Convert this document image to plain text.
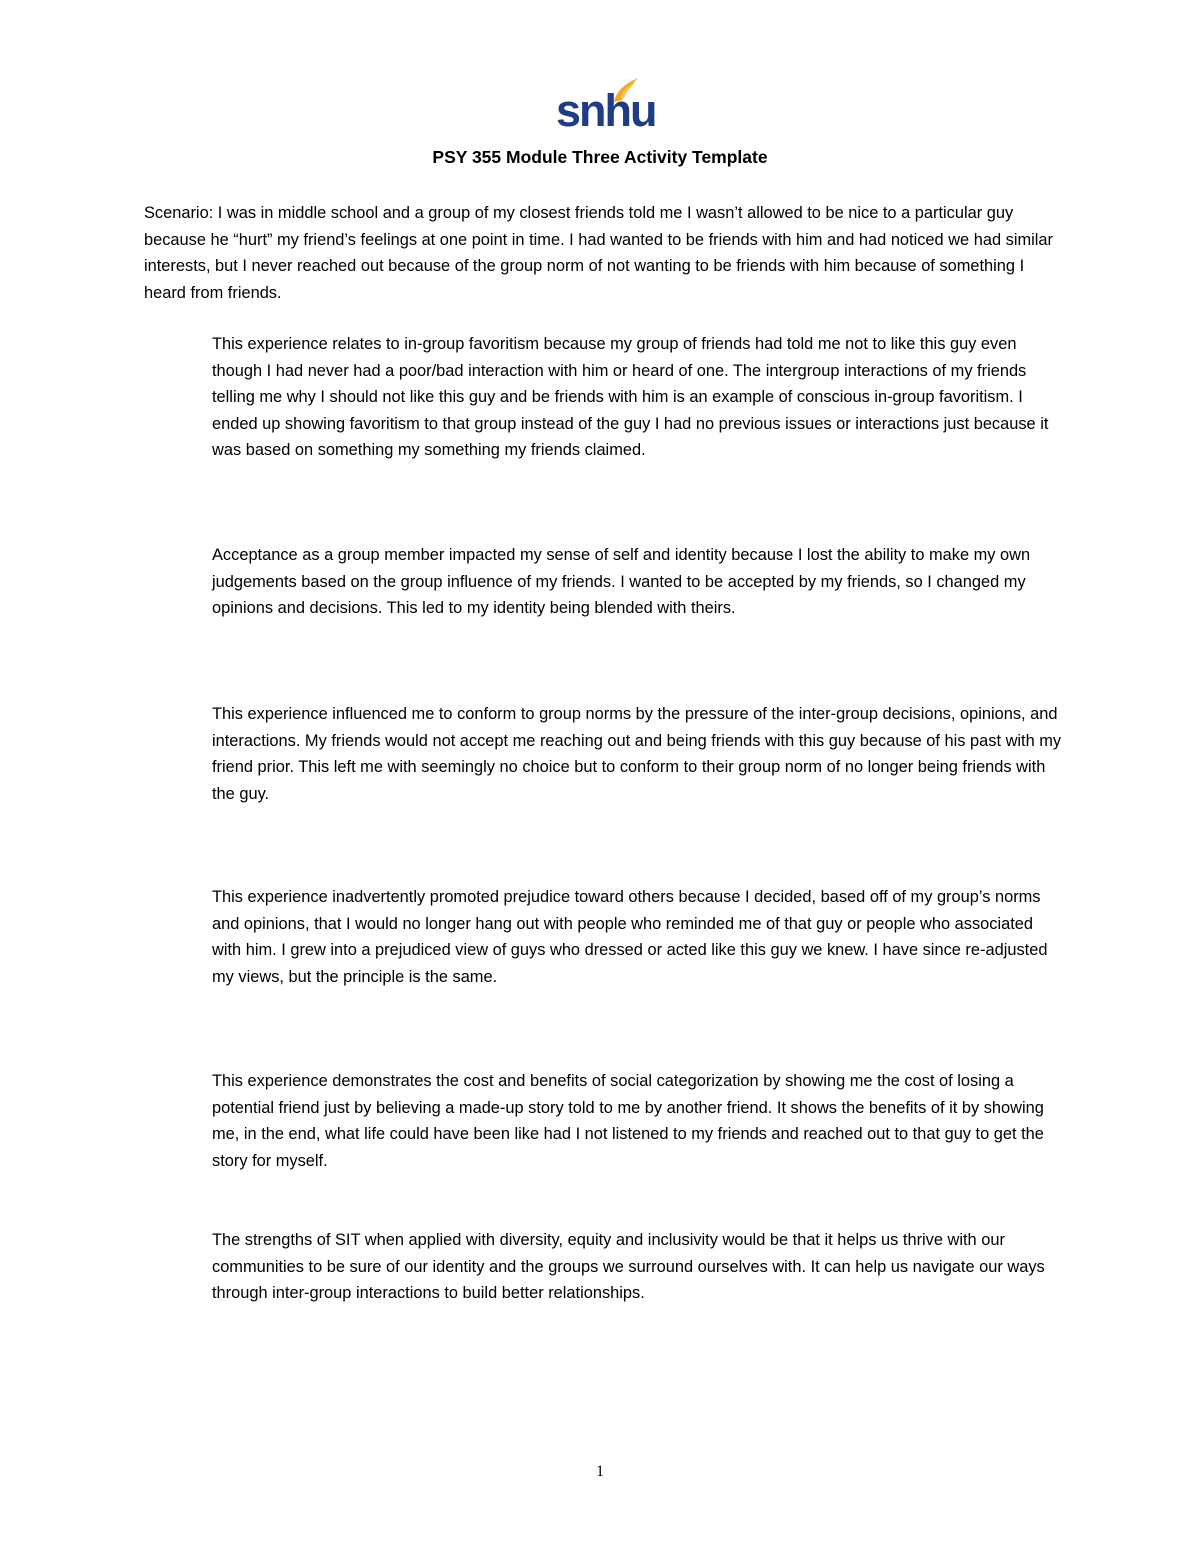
snhu
PSY 355 Module Three Activity Template
Scenario: I was in middle school and a group of my closest friends told me I wasn’t allowed to be nice to a particular guy because he “hurt” my friend’s feelings at one point in time. I had wanted to be friends with him and had noticed we had similar interests, but I never reached out because of the group norm of not wanting to be friends with him because of something I heard from friends.
This experience relates to in-group favoritism because my group of friends had told me not to like this guy even though I had never had a poor/bad interaction with him or heard of one. The intergroup interactions of my friends telling me why I should not like this guy and be friends with him is an example of conscious in-group favoritism. I ended up showing favoritism to that group instead of the guy I had no previous issues or interactions just because it was based on something my something my friends claimed.
Acceptance as a group member impacted my sense of self and identity because I lost the ability to make my own judgements based on the group influence of my friends. I wanted to be accepted by my friends, so I changed my opinions and decisions. This led to my identity being blended with theirs.
This experience influenced me to conform to group norms by the pressure of the inter-group decisions, opinions, and interactions. My friends would not accept me reaching out and being friends with this guy because of his past with my friend prior. This left me with seemingly no choice but to conform to their group norm of no longer being friends with the guy.
This experience inadvertently promoted prejudice toward others because I decided, based off of my group’s norms and opinions, that I would no longer hang out with people who reminded me of that guy or people who associated with him. I grew into a prejudiced view of guys who dressed or acted like this guy we knew. I have since re-adjusted my views, but the principle is the same.
This experience demonstrates the cost and benefits of social categorization by showing me the cost of losing a potential friend just by believing a made-up story told to me by another friend. It shows the benefits of it by showing me, in the end, what life could have been like had I not listened to my friends and reached out to that guy to get the story for myself.
The strengths of SIT when applied with diversity, equity and inclusivity would be that it helps us thrive with our communities to be sure of our identity and the groups we surround ourselves with. It can help us navigate our ways through inter-group interactions to build better relationships.
1
